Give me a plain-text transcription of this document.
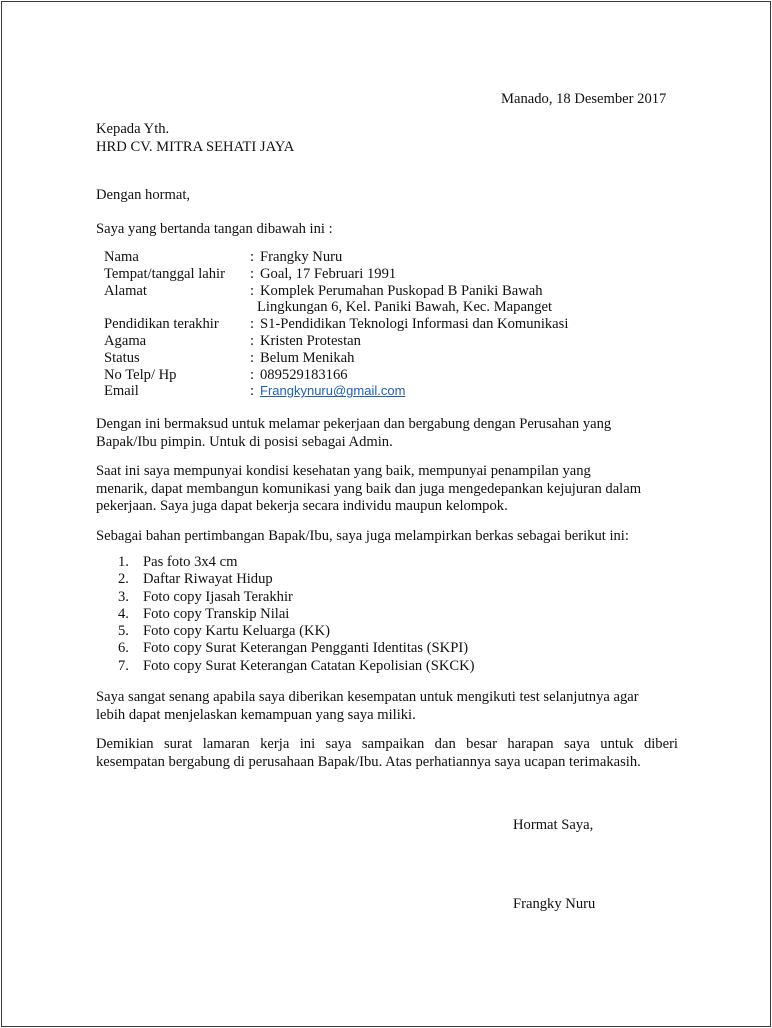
Manado, 18 Desember 2017
Kepada Yth.
HRD CV. MITRA SEHATI JAYA
Dengan hormat,
Saya yang bertanda tangan dibawah ini :
Nama	: Frangky Nuru
Tempat/tanggal lahir : Goal, 17 Februari 1991
Alamat	: Komplek Perumahan Puskopad B Paniki Bawah
Lingkungan 6, Kel. Paniki Bawah, Kec. Mapanget
Pendidikan terakhir : S1-Pendidikan Teknologi Informasi dan Komunikasi
Agama	: Kristen Protestan
Status	: Belum Menikah
No Telp/ Hp	: 089529183166
Email	: Frangkynuru@gmail.com
Dengan ini bermaksud untuk melamar pekerjaan dan bergabung dengan Perusahan yang
Bapak/Ibu pimpin. Untuk di posisi sebagai Admin.
Saat ini saya mempunyai kondisi kesehatan yang baik, mempunyai penampilan yang
menarik, dapat membangun komunikasi yang baik dan juga mengedepankan kejujuran dalam
pekerjaan. Saya juga dapat bekerja secara individu maupun kelompok.
Sebagai bahan pertimbangan Bapak/Ibu, saya juga melampirkan berkas sebagai berikut ini:
1. Pas foto 3x4 cm
2. Daftar Riwayat Hidup
3. Foto copy Ijasah Terakhir
4. Foto copy Transkip Nilai
5. Foto copy Kartu Keluarga (KK)
6. Foto copy Surat Keterangan Pengganti Identitas (SKPI)
7. Foto copy Surat Keterangan Catatan Kepolisian (SKCK)
Saya sangat senang apabila saya diberikan kesempatan untuk mengikuti test selanjutnya agar
lebih dapat menjelaskan kemampuan yang saya miliki.
Demikian surat lamaran kerja ini saya sampaikan dan besar harapan saya untuk diberi
kesempatan bergabung di perusahaan Bapak/Ibu. Atas perhatiannya saya ucapan terimakasih.
Hormat Saya,
Frangky Nuru
